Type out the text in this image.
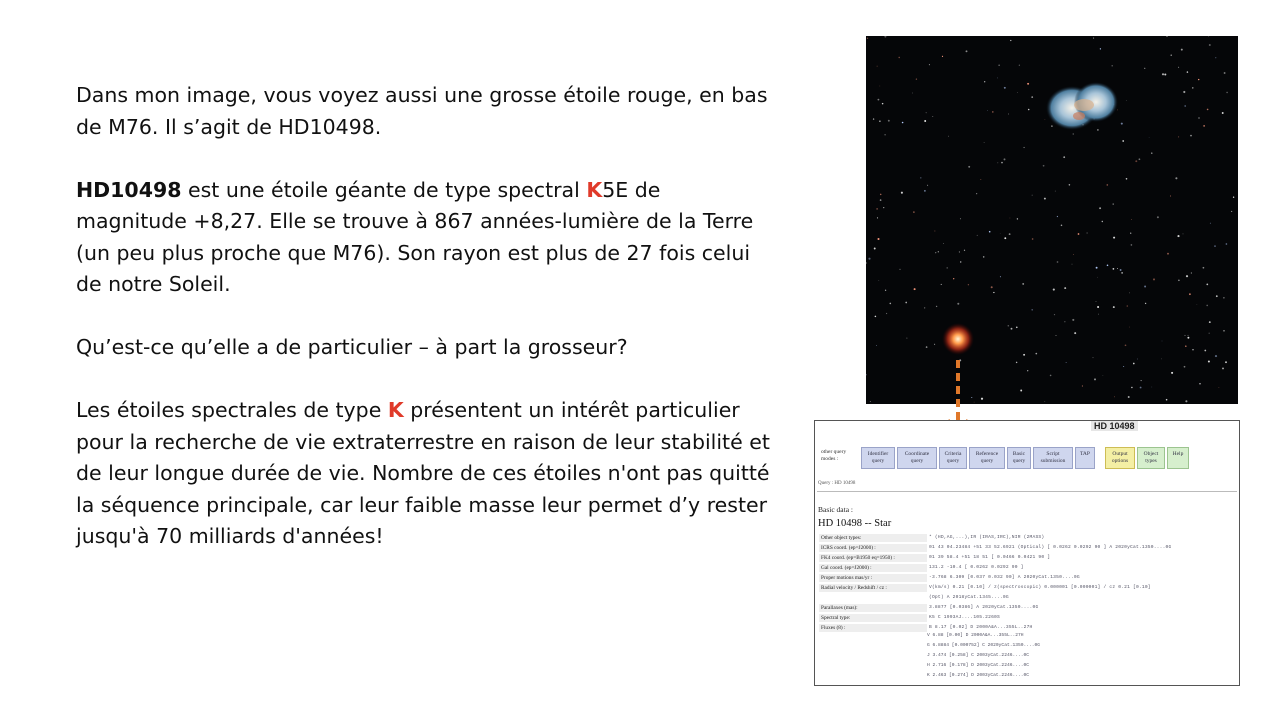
Dans mon image, vous voyez aussi une grosse étoile rouge, en bas de M76. Il s’agit de HD10498.

HD10498 est une étoile géante de type spectral K5E de magnitude +8,27. Elle se trouve à 867 années-lumière de la Terre (un peu plus proche que M76). Son rayon est plus de 27 fois celui de notre Soleil.

Qu’est-ce qu’elle a de particulier – à part la grosseur?

Les étoiles spectrales de type K présentent un intérêt particulier pour la recherche de vie extraterrestre en raison de leur stabilité et de leur longue durée de vie. Nombre de ces étoiles n'ont pas quitté la séquence principale, car leur faible masse leur permet d’y rester jusqu'à 70 milliards d'années!

HD 10498
other query modes :
Identifier query
Coordinate query
Criteria query
Reference query
Basic query
Script submission
TAP	Output options
Object types
Help
Query : HD 10498
Basic data :
HD 10498 -- Star
Other object types:	* (HD,AG,...),IR (IRAS,IRC),NIR (2MASS)
ICRS coord. (ep=J2000) :	01 43 04.23484 +51 33 52.6921 (Optical) [ 0.0262 0.0292 90 ] A 2020yCat.1350....0G
FK4 coord. (ep=B1950 eq=1950) :	01 39 58.4 +51 18 51 [ 0.0466 0.0421 90 ]
Gal coord. (ep=J2000) :	131.2 -10.4 [ 0.0262 0.0292 90 ]
Proper motions mas/yr :	-3.768 6.309 [0.037 0.032 90] A 2020yCat.1350....0G
Radial velocity / Redshift / cz :	V(km/s) 0.21 [0.10] / z(spectroscopic) 0.000001 [0.000001] / cz 0.21 [0.10]
(Opt) A 2018yCat.1345....0G
Parallaxes (mas):	3.8877 [0.0386] A 2020yCat.1350....0G
Spectral type:	K5 C 1993AJ....105.2260S
Fluxes (8) :	B 8.17 [0.02] D 2000A&A...355L..27H
V 6.88 [0.00] D 2000A&A...355L..27H
G 6.8884 [0.000752] C 2020yCat.1350....0G
J 3.474 [0.258] C 2003yCat.2246....0C
H 2.716 [0.178] D 2003yCat.2246....0C
K 2.463 [0.274] D 2003yCat.2246....0C
